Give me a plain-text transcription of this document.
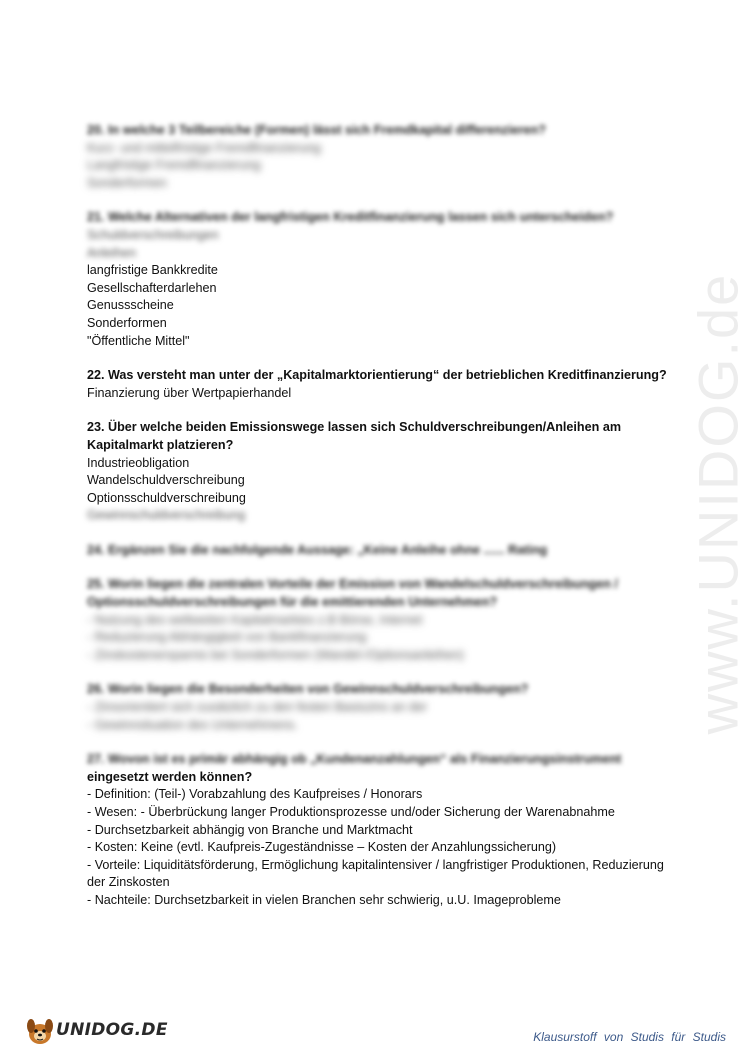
www.UNIDOG.de
20. In welche 3 Teilbereiche (Formen) lässt sich Fremdkapital differenzieren?
Kurz- und mittelfristige Fremdfinanzierung
Langfristige Fremdfinanzierung
Sonderformen
21. Welche Alternativen der langfristigen Kreditfinanzierung lassen sich unterscheiden?
Schuldverschreibungen
Anleihen
langfristige Bankkredite
Gesellschafterdarlehen
Genussscheine
Sonderformen
"Öffentliche Mittel"
22. Was versteht man unter der „Kapitalmarktorientierung“ der betrieblichen Kreditfinanzierung?
Finanzierung über Wertpapierhandel
23. Über welche beiden Emissionswege lassen sich Schuldverschreibungen/Anleihen am Kapitalmarkt platzieren?
Industrieobligation
Wandelschuldverschreibung
Optionsschuldverschreibung
Gewinnschuldverschreibung
24. Ergänzen Sie die nachfolgende Aussage: „Keine Anleihe ohne ...... Rating
25. Worin liegen die zentralen Vorteile der Emission von Wandelschuldverschreibungen / Optionsschuldverschreibungen für die emittierenden Unternehmen?
- Nutzung des weltweiten Kapitalmarktes z.B Börse, Internet
- Reduzierung Abhängigkeit von Bankfinanzierung
- Zinskostenersparnis bei Sonderformen (Wandel-/Optionsanleihen)
26. Worin liegen die Besonderheiten von Gewinnschuldverschreibungen?
- Zinsorientiert sich zusätzlich zu den festen Basiszins an der
- Gewinnsituation des Unternehmens.
27. Wovon ist es primär abhängig ob „Kundenanzahlungen“ als Finanzierungsinstrument
eingesetzt werden können?
- Definition: (Teil-) Vorabzahlung des Kaufpreises / Honorars
- Wesen: - Überbrückung langer Produktionsprozesse und/oder Sicherung der Warenabnahme
- Durchsetzbarkeit abhängig von Branche und Marktmacht
- Kosten: Keine (evtl. Kaufpreis-Zugeständnisse – Kosten der Anzahlungssicherung)
- Vorteile: Liquiditätsförderung, Ermöglichung kapitalintensiver / langfristiger Produktionen, Reduzierung der Zinskosten
- Nachteile: Durchsetzbarkeit in vielen Branchen sehr schwierig, u.U. Imageprobleme
UNIDOG.DE	Klausurstoff von Studis für Studis
